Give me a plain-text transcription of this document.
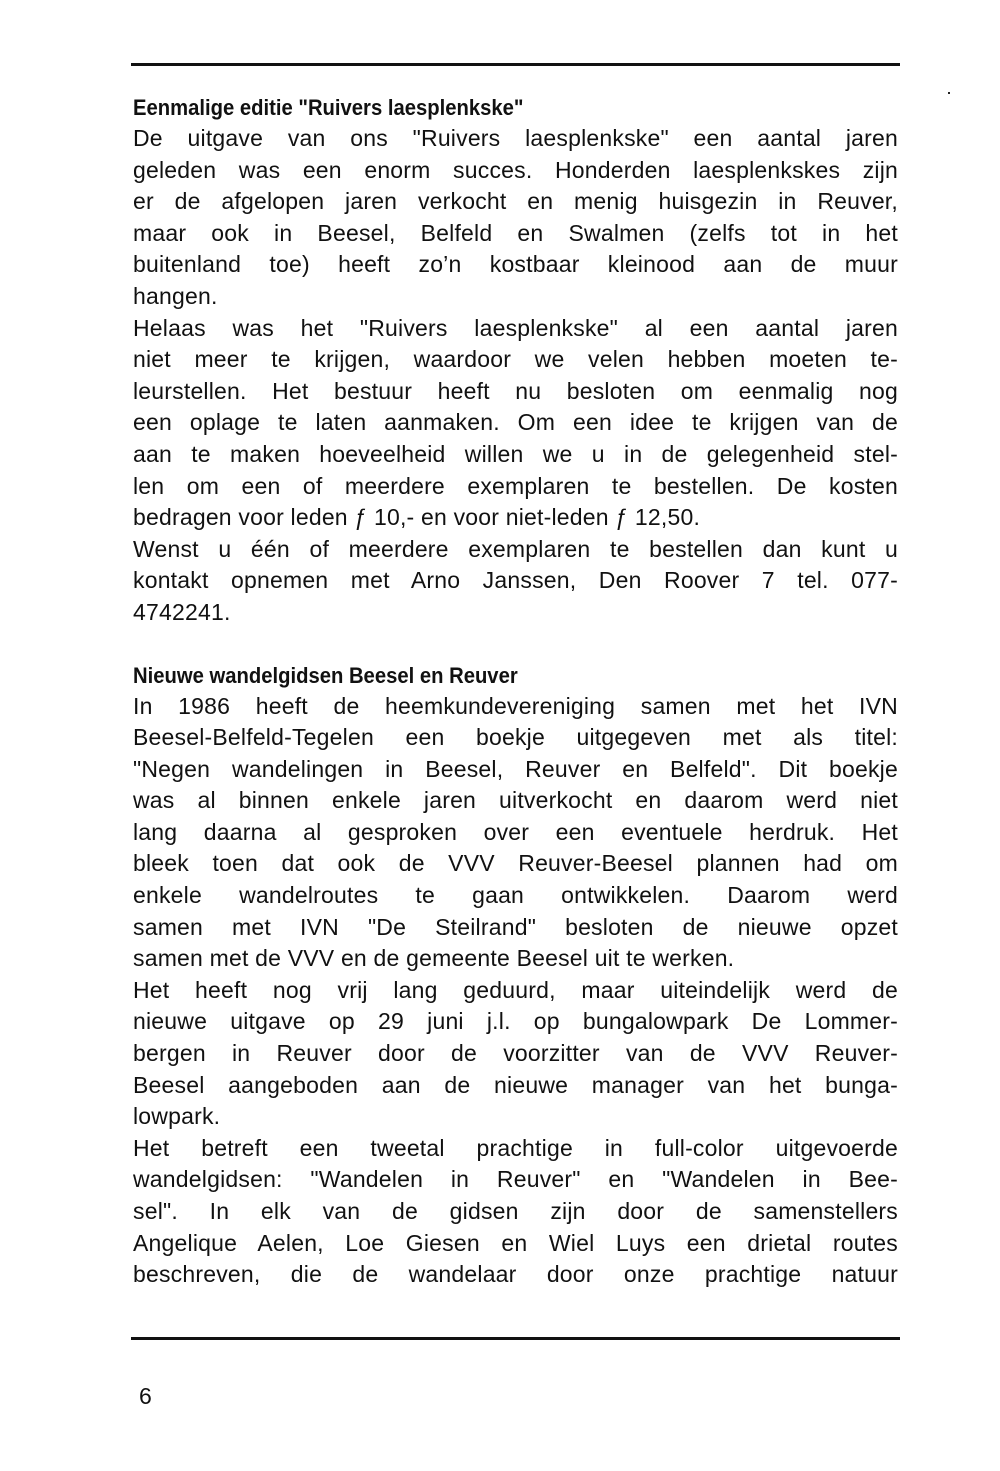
Eenmalige editie "Ruivers laesplenkske"

De uitgave van ons "Ruivers laesplenkske" een aantal jaren

geleden was een enorm succes. Honderden laesplenkskes zijn

er de afgelopen jaren verkocht en menig huisgezin in Reuver,

maar ook in Beesel, Belfeld en Swalmen (zelfs tot in het

buitenland toe) heeft zo’n kostbaar kleinood aan de muur

hangen.

Helaas was het "Ruivers laesplenkske" al een aantal jaren

niet meer te krijgen, waardoor we velen hebben moeten te-

leurstellen. Het bestuur heeft nu besloten om eenmalig nog

een oplage te laten aanmaken. Om een idee te krijgen van de

aan te maken hoeveelheid willen we u in de gelegenheid stel-

len om een of meerdere exemplaren te bestellen. De kosten

bedragen voor leden ƒ 10,- en voor niet-leden ƒ 12,50.

Wenst u één of meerdere exemplaren te bestellen dan kunt u

kontakt opnemen met Arno Janssen, Den Roover 7 tel. 077-

4742241.

Nieuwe wandelgidsen Beesel en Reuver

In 1986 heeft de heemkundevereniging samen met het IVN

Beesel-Belfeld-Tegelen een boekje uitgegeven met als titel:

"Negen wandelingen in Beesel, Reuver en Belfeld". Dit boekje

was al binnen enkele jaren uitverkocht en daarom werd niet

lang daarna al gesproken over een eventuele herdruk. Het

bleek toen dat ook de VVV Reuver-Beesel plannen had om

enkele wandelroutes te gaan ontwikkelen. Daarom werd

samen met IVN "De Steilrand" besloten de nieuwe opzet

samen met de VVV en de gemeente Beesel uit te werken.

Het heeft nog vrij lang geduurd, maar uiteindelijk werd de

nieuwe uitgave op 29 juni j.l. op bungalowpark De Lommer-

bergen in Reuver door de voorzitter van de VVV Reuver-

Beesel aangeboden aan de nieuwe manager van het bunga-

lowpark.

Het betreft een tweetal prachtige in full-color uitgevoerde

wandelgidsen: "Wandelen in Reuver" en "Wandelen in Bee-

sel". In elk van de gidsen zijn door de samenstellers

Angelique Aelen, Loe Giesen en Wiel Luys een drietal routes

beschreven, die de wandelaar door onze prachtige natuur

6
